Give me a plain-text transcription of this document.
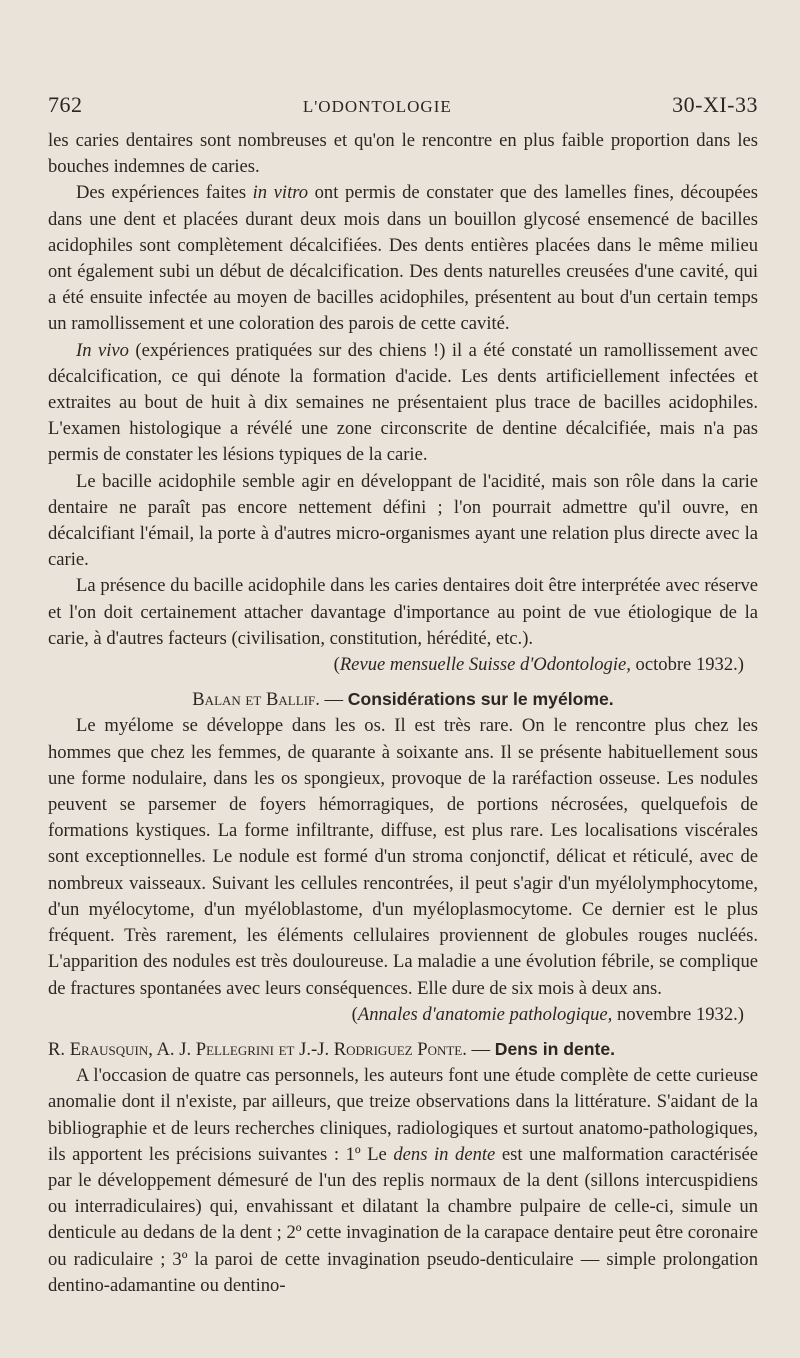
762	L'ODONTOLOGIE	30-XI-33

les caries dentaires sont nombreuses et qu'on le rencontre en plus faible proportion dans les bouches indemnes de caries.

Des expériences faites in vitro ont permis de constater que des lamelles fines, découpées dans une dent et placées durant deux mois dans un bouillon glycosé ensemencé de bacilles acidophiles sont complètement décalcifiées. Des dents entières placées dans le même milieu ont également subi un début de décalcification. Des dents naturelles creusées d'une cavité, qui a été ensuite infectée au moyen de bacilles acidophiles, présentent au bout d'un certain temps un ramollissement et une coloration des parois de cette cavité.

In vivo (expériences pratiquées sur des chiens !) il a été constaté un ramollissement avec décalcification, ce qui dénote la formation d'acide. Les dents artificiellement infectées et extraites au bout de huit à dix semaines ne présentaient plus trace de bacilles acidophiles. L'examen histologique a révélé une zone circonscrite de dentine décalcifiée, mais n'a pas permis de constater les lésions typiques de la carie.

Le bacille acidophile semble agir en développant de l'acidité, mais son rôle dans la carie dentaire ne paraît pas encore nettement défini ; l'on pourrait admettre qu'il ouvre, en décalcifiant l'émail, la porte à d'autres micro-organismes ayant une relation plus directe avec la carie.

La présence du bacille acidophile dans les caries dentaires doit être interprétée avec réserve et l'on doit certainement attacher davantage d'importance au point de vue étiologique de la carie, à d'autres facteurs (civilisation, constitution, hérédité, etc.).

(Revue mensuelle Suisse d'Odontologie, octobre 1932.)
Balan et Ballif. — Considérations sur le myélome.

Le myélome se développe dans les os. Il est très rare. On le rencontre plus chez les hommes que chez les femmes, de quarante à soixante ans. Il se présente habituellement sous une forme nodulaire, dans les os spongieux, provoque de la raréfaction osseuse. Les nodules peuvent se parsemer de foyers hémorragiques, de portions nécrosées, quelquefois de formations kystiques. La forme infiltrante, diffuse, est plus rare. Les localisations viscérales sont exceptionnelles. Le nodule est formé d'un stroma conjonctif, délicat et réticulé, avec de nombreux vaisseaux. Suivant les cellules rencontrées, il peut s'agir d'un myélolymphocytome, d'un myélocytome, d'un myéloblastome, d'un myéloplasmocytome. Ce dernier est le plus fréquent. Très rarement, les éléments cellulaires proviennent de globules rouges nucléés. L'apparition des nodules est très douloureuse. La maladie a une évolution fébrile, se complique de fractures spontanées avec leurs conséquences. Elle dure de six mois à deux ans.

(Annales d'anatomie pathologique, novembre 1932.)
R. Erausquin, A. J. Pellegrini et J.-J. Rodriguez Ponte. — Dens in dente.

A l'occasion de quatre cas personnels, les auteurs font une étude complète de cette curieuse anomalie dont il n'existe, par ailleurs, que treize observations dans la littérature. S'aidant de la bibliographie et de leurs recherches cliniques, radiologiques et surtout anatomo-pathologiques, ils apportent les précisions suivantes : 1º Le dens in dente est une malformation caractérisée par le développement démesuré de l'un des replis normaux de la dent (sillons intercuspidiens ou interradiculaires) qui, envahissant et dilatant la chambre pulpaire de celle-ci, simule un denticule au dedans de la dent ; 2º cette invagination de la carapace dentaire peut être coronaire ou radiculaire ; 3º la paroi de cette invagination pseudo-denticulaire — simple prolongation dentino-adamantine ou dentino-
